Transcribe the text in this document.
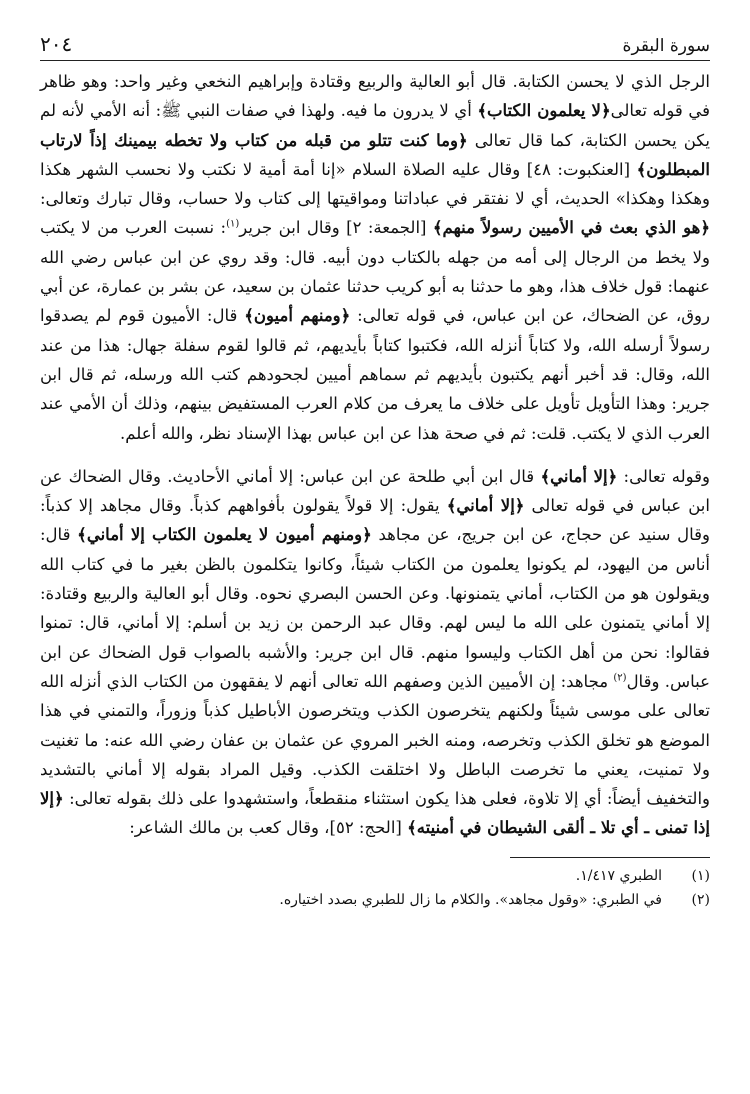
سورة البقرة
٢٠٤

الرجل الذي لا يحسن الكتابة. قال أبو العالية والربيع وقتادة وإبراهيم النخعي وغير واحد: وهو ظاهر في قوله تعالى﴿لا يعلمون الكتاب﴾ أي لا يدرون ما فيه. ولهذا في صفات النبي ﷺ: أنه الأمي لأنه لم يكن يحسن الكتابة، كما قال تعالى ﴿وما كنت تتلو من قبله من كتاب ولا تخطه بيمينك إذاً لارتاب المبطلون﴾ [العنكبوت: ٤٨] وقال عليه الصلاة السلام «إنا أمة أمية لا نكتب ولا نحسب الشهر هكذا وهكذا وهكذا» الحديث، أي لا نفتقر في عباداتنا ومواقيتها إلى كتاب ولا حساب، وقال تبارك وتعالى: ﴿هو الذي بعث في الأميين رسولاً منهم﴾ [الجمعة: ٢] وقال ابن جرير$^{(١)}$: نسبت العرب من لا يكتب ولا يخط من الرجال إلى أمه من جهله بالكتاب دون أبيه. قال: وقد روي عن ابن عباس رضي الله عنهما: قول خلاف هذا، وهو ما حدثنا به أبو كريب حدثنا عثمان بن سعيد، عن بشر بن عمارة، عن أبي روق، عن الضحاك، عن ابن عباس، في قوله تعالى: ﴿ومنهم أميون﴾ قال: الأميون قوم لم يصدقوا رسولاً أرسله الله، ولا كتاباً أنزله الله، فكتبوا كتاباً بأيديهم، ثم قالوا لقوم سفلة جهال: هذا من عند الله، وقال: قد أخبر أنهم يكتبون بأيديهم ثم سماهم أميين لجحودهم كتب الله ورسله، ثم قال ابن جرير: وهذا التأويل تأويل على خلاف ما يعرف من كلام العرب المستفيض بينهم، وذلك أن الأمي عند العرب الذي لا يكتب. قلت: ثم في صحة هذا عن ابن عباس بهذا الإسناد نظر، والله أعلم.

وقوله تعالى: ﴿إلا أماني﴾ قال ابن أبي طلحة عن ابن عباس: إلا أماني الأحاديث. وقال الضحاك عن ابن عباس في قوله تعالى ﴿إلا أماني﴾ يقول: إلا قولاً يقولون بأفواههم كذباً. وقال مجاهد إلا كذباً: وقال سنيد عن حجاج، عن ابن جريج، عن مجاهد ﴿ومنهم أميون لا يعلمون الكتاب إلا أماني﴾ قال: أناس من اليهود، لم يكونوا يعلمون من الكتاب شيئاً، وكانوا يتكلمون بالظن بغير ما في كتاب الله ويقولون هو من الكتاب، أماني يتمنونها. وعن الحسن البصري نحوه. وقال أبو العالية والربيع وقتادة: إلا أماني يتمنون على الله ما ليس لهم. وقال عبد الرحمن بن زيد بن أسلم: إلا أماني، قال: تمنوا فقالوا: نحن من أهل الكتاب وليسوا منهم. قال ابن جرير: والأشبه بالصواب قول الضحاك عن ابن عباس. وقال$^{(٢)}$ مجاهد: إن الأميين الذين وصفهم الله تعالى أنهم لا يفقهون من الكتاب الذي أنزله الله تعالى على موسى شيئاً ولكنهم يتخرصون الكذب ويتخرصون الأباطيل كذباً وزوراً، والتمني في هذا الموضع هو تخلق الكذب وتخرصه، ومنه الخبر المروي عن عثمان بن عفان رضي الله عنه: ما تغنيت ولا تمنيت، يعني ما تخرصت الباطل ولا اختلقت الكذب. وقيل المراد بقوله إلا أماني بالتشديد والتخفيف أيضاً: أي إلا تلاوة، فعلى هذا يكون استثناء منقطعاً، واستشهدوا على ذلك بقوله تعالى: ﴿إلا إذا تمنى ـ أي تلا ـ ألقى الشيطان في أمنيته﴾ [الحج: ٥٢]، وقال كعب بن مالك الشاعر:

(١)
الطبري ١/٤١٧.
(٢)
في الطبري: «وقول مجاهد». والكلام ما زال للطبري بصدد اختياره.
